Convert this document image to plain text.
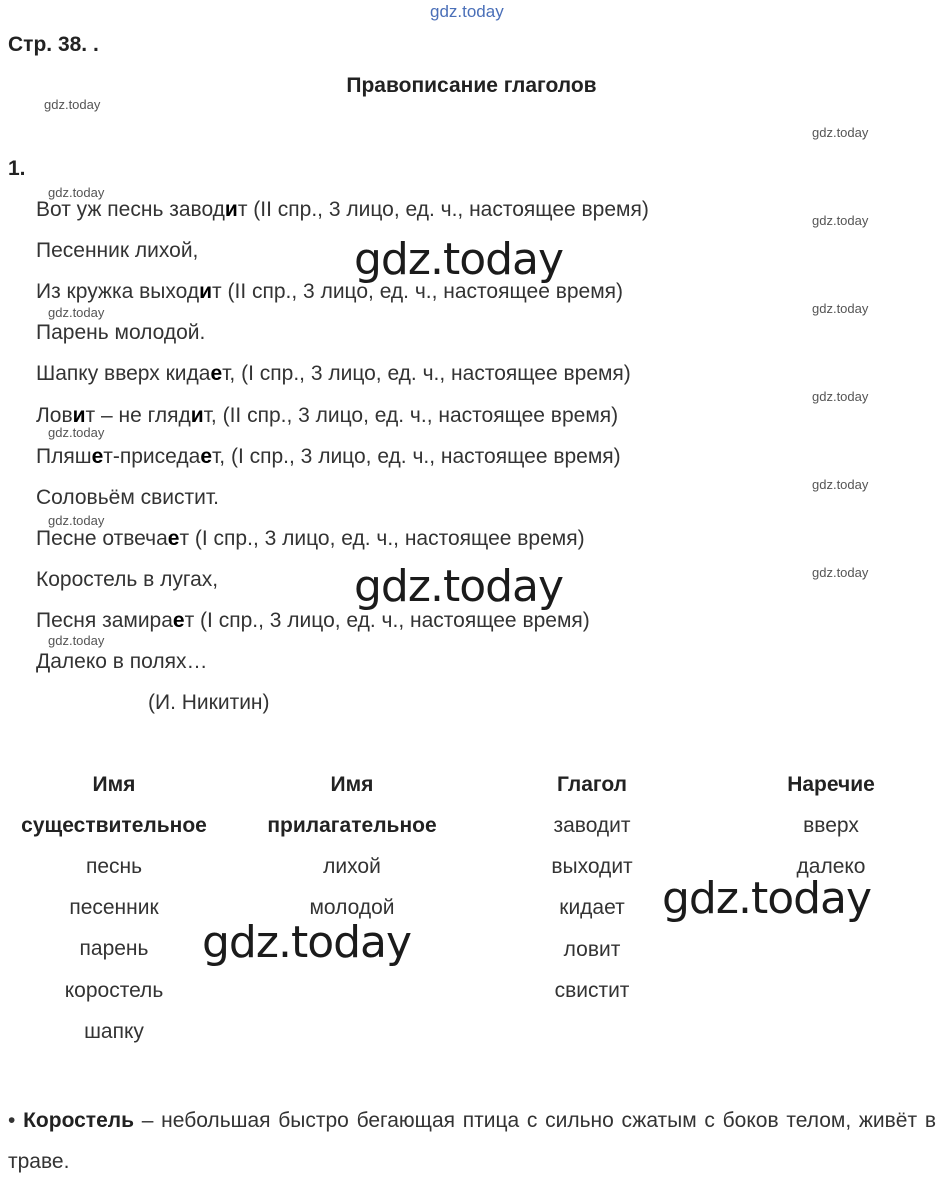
gdz.today
Стр. 38. .
Правописание глаголов
1.
Вот уж песнь заводит (II спр., 3 лицо, ед. ч., настоящее время)
Песенник лихой,
Из кружка выходит (II спр., 3 лицо, ед. ч., настоящее время)
Парень молодой.
Шапку вверх кидает, (I спр., 3 лицо, ед. ч., настоящее время)
Ловит – не глядит, (II спр., 3 лицо, ед. ч., настоящее время)
Пляшет-приседает, (I спр., 3 лицо, ед. ч., настоящее время)
Соловьём свистит.
Песне отвечает (I спр., 3 лицо, ед. ч., настоящее время)
Коростель в лугах,
Песня замирает (I спр., 3 лицо, ед. ч., настоящее время)
Далеко в полях…
(И. Никитин)
Имя
существительное
песнь
песенник
парень
коростель
шапку
Имя
прилагательное
лихой
молодой
Глагол
заводит
выходит
кидает
ловит
свистит
Наречие
вверх
далеко
• Коростель – небольшая быстро бегающая птица с сильно сжатым с боков телом, живёт в траве.
gdz.today
gdz.today
gdz.today
gdz.today
gdz.today	gdz.today
gdz.today
gdz.today
gdz.today
gdz.today
gdz.today
gdz.today
gdz.today
gdz.today
gdz.today
gdz.today
